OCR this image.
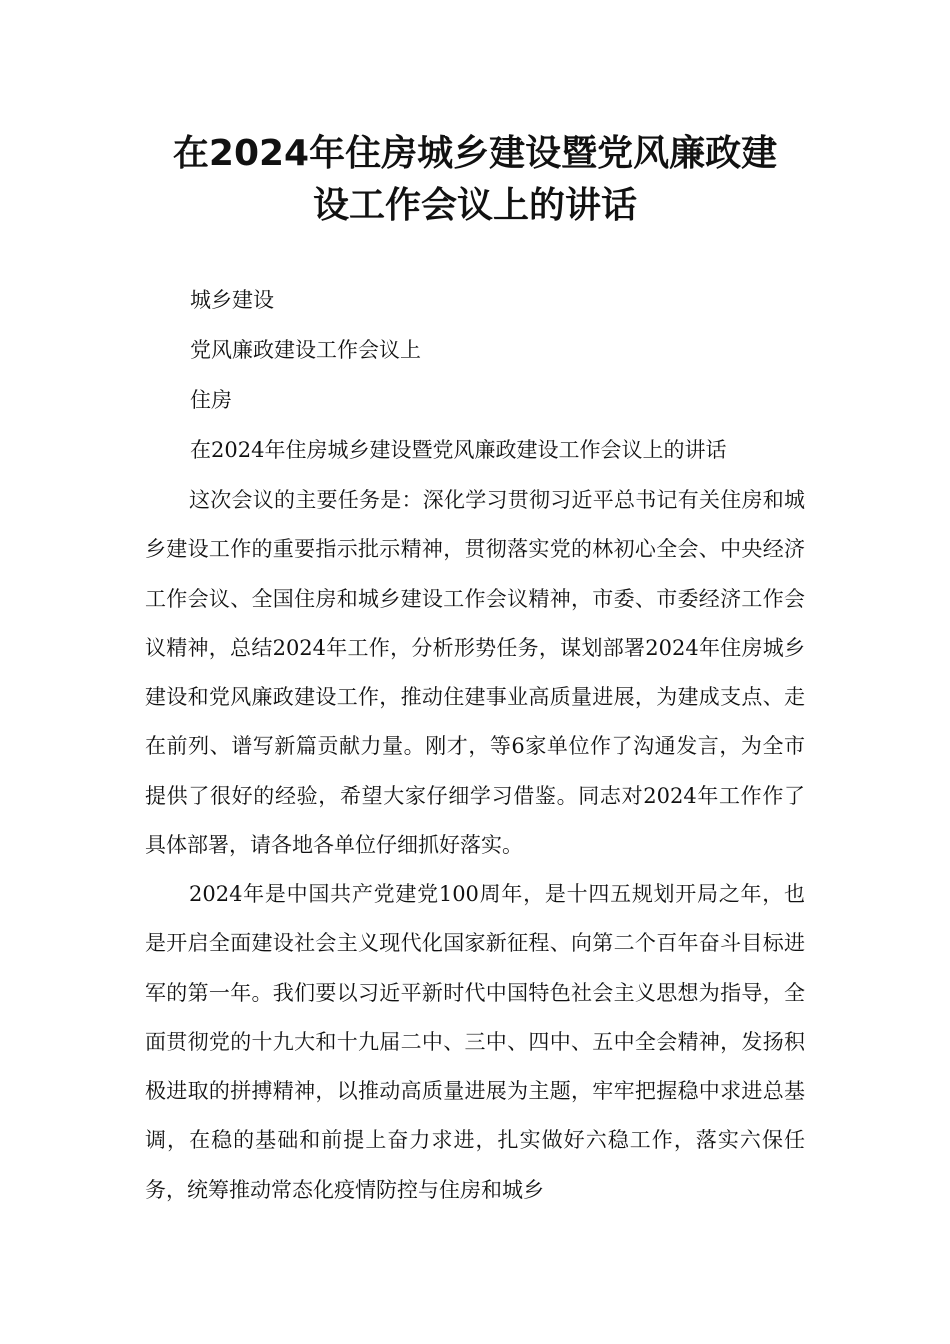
在2024年住房城乡建设暨党风廉政建
设工作会议上的讲话
城乡建设
党风廉政建设工作会议上
住房
在2024年住房城乡建设暨党风廉政建设工作会议上的讲话

这次会议的主要任务是：深化学习贯彻习近平总书记有关住房和城乡建设工作的重要指示批示精神，贯彻落实党的林初心全会、中央经济工作会议、全国住房和城乡建设工作会议精神，市委、市委经济工作会议精神，总结2024年工作，分析形势任务，谋划部署2024年住房城乡建设和党风廉政建设工作，推动住建事业高质量进展，为建成支点、走在前列、谱写新篇贡献力量。刚才，等6家单位作了沟通发言，为全市提供了很好的经验，希望大家仔细学习借鉴。同志对2024年工作作了具体部署，请各地各单位仔细抓好落实。

2024年是中国共产党建党100周年，是十四五规划开局之年，也是开启全面建设社会主义现代化国家新征程、向第二个百年奋斗目标进军的第一年。我们要以习近平新时代中国特色社会主义思想为指导，全面贯彻党的十九大和十九届二中、三中、四中、五中全会精神，发扬积极进取的拼搏精神，以推动高质量进展为主题，牢牢把握稳中求进总基调，在稳的基础和前提上奋力求进，扎实做好六稳工作，落实六保任务，统筹推动常态化疫情防控与住房和城乡
